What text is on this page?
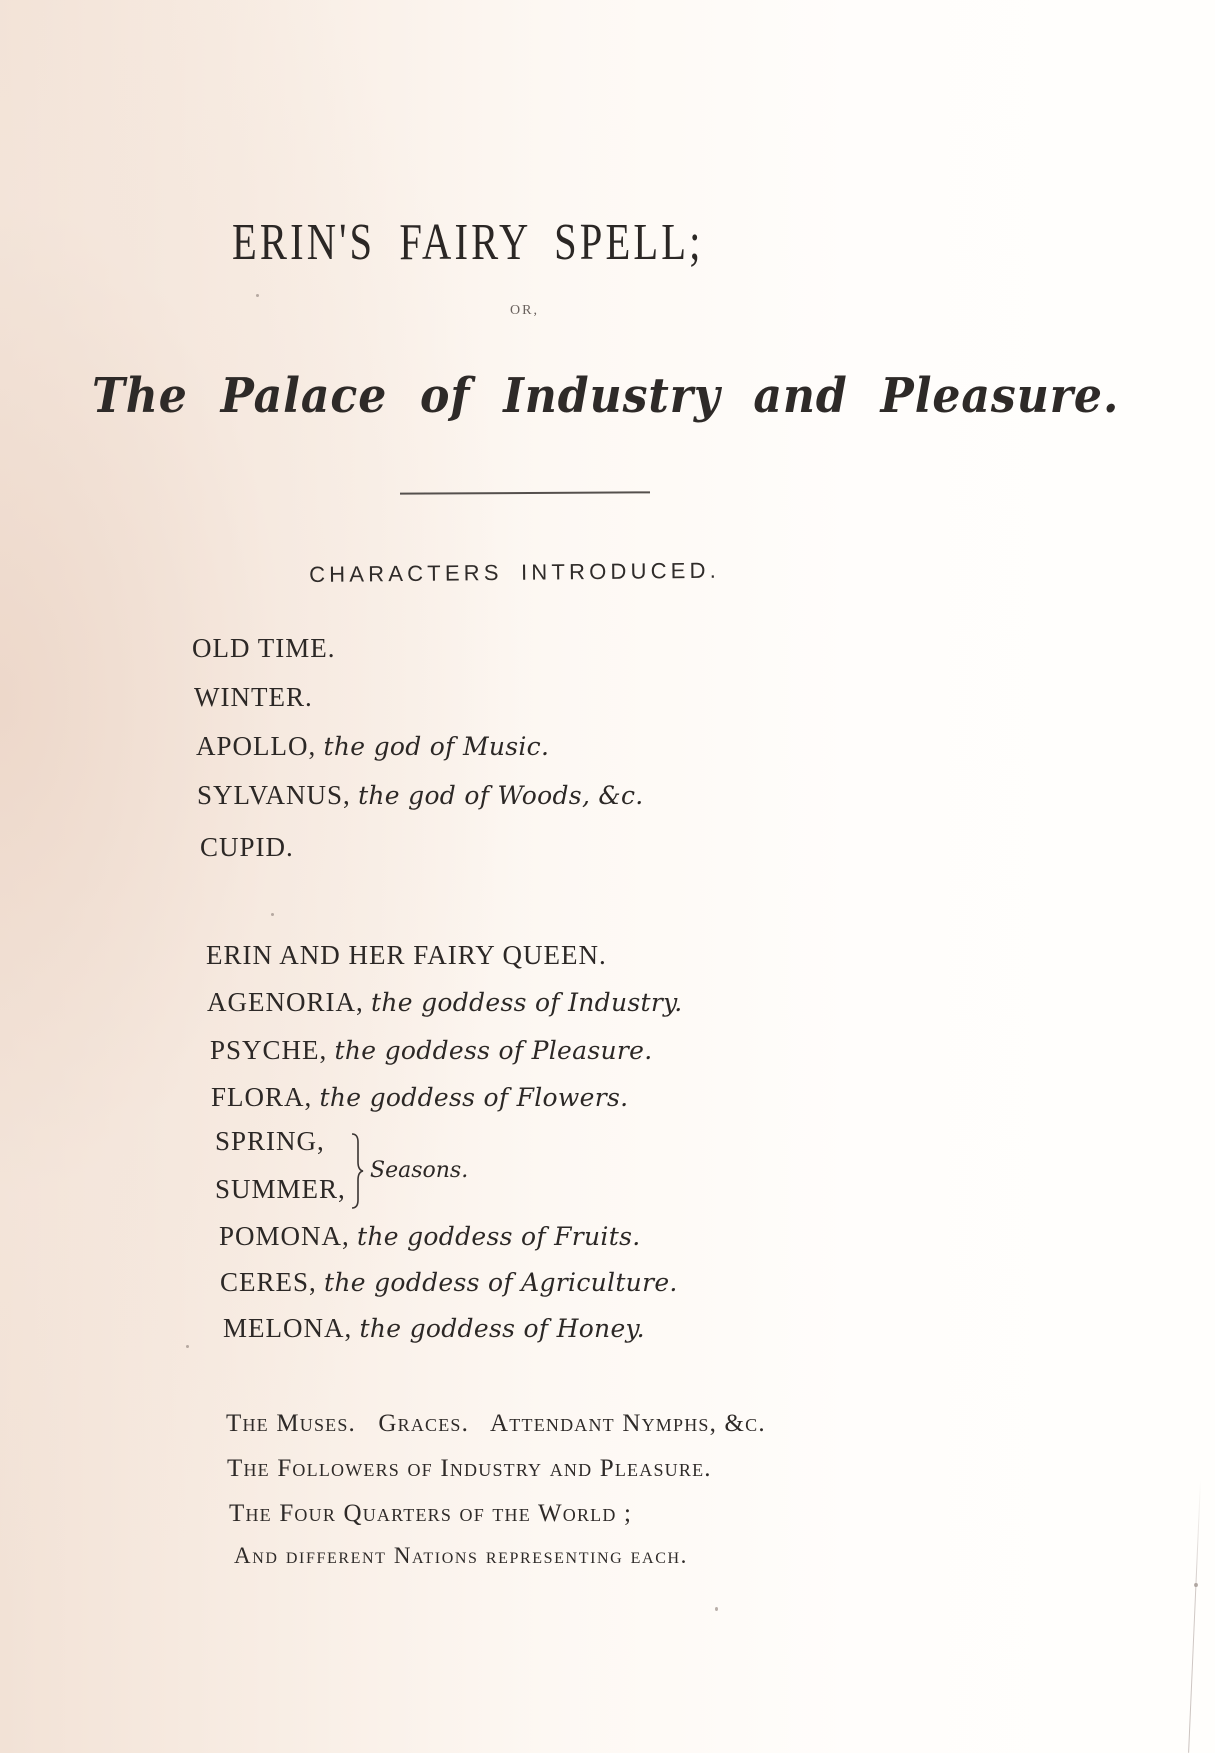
ERIN'S FAIRY SPELL;
OR,
The Palace of Industry and Pleasure.
CHARACTERS INTRODUCED.
OLD TIME.
WINTER.
APOLLO, the god of Music.
SYLVANUS, the god of Woods, &c.
CUPID.
ERIN AND HER FAIRY QUEEN.
AGENORIA, the goddess of Industry.
PSYCHE, the goddess of Pleasure.
FLORA, the goddess of Flowers.
SPRING,
SUMMER,
Seasons.
POMONA, the goddess of Fruits.
CERES, the goddess of Agriculture.
MELONA, the goddess of Honey.
The Muses.   Graces.   Attendant Nymphs, &c.
The Followers of Industry and Pleasure.
The Four Quarters of the World ;
And different Nations representing each.
